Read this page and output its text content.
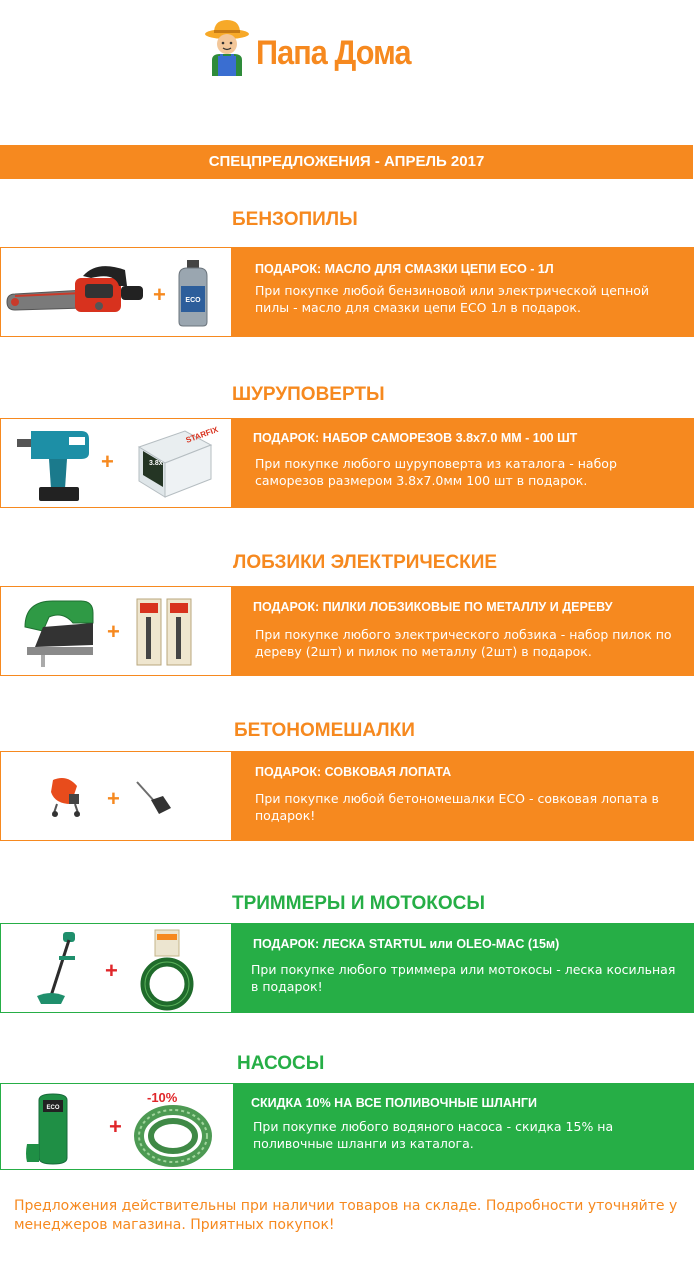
Папа Дома
СПЕЦПРЕДЛОЖЕНИЯ - АПРЕЛЬ 2017
БЕНЗОПИЛЫ
+	ECO
ПОДАРОК: МАСЛО ДЛЯ СМАЗКИ ЦЕПИ ECO - 1Л
При покупке любой бензиновой или электрической цепной пилы - масло для смазки цепи ECO 1л в подарок.
ШУРУПОВЕРТЫ
+
STARFIX
3.8х
ПОДАРОК: НАБОР САМОРЕЗОВ 3.8х7.0 ММ - 100 ШТ
При покупке любого шуруповерта из каталога - набор саморезов размером 3.8х7.0мм 100 шт в подарок.
ЛОБЗИКИ ЭЛЕКТРИЧЕСКИЕ
+
ПОДАРОК: ПИЛКИ ЛОБЗИКОВЫЕ ПО МЕТАЛЛУ И ДЕРЕВУ
При покупке любого электрического лобзика - набор пилок по дереву (2шт) и пилок по металлу (2шт) в подарок.
БЕТОНОМЕШАЛКИ
+
ПОДАРОК: СОВКОВАЯ ЛОПАТА
При покупке любой бетономешалки ECO - совковая лопата в подарок!
ТРИММЕРЫ И МОТОКОСЫ
+
ПОДАРОК: ЛЕСКА STARTUL или OLEO-MAC (15м)
При покупке любого триммера или мотокосы - леска косильная в подарок!
НАСОСЫ
ECO
+
-10%	СКИДКА 10% НА ВСЕ ПОЛИВОЧНЫЕ ШЛАНГИ
При покупке любого водяного насоса - скидка 15% на поливочные шланги из каталога.
Предложения действительны при наличии товаров на складе. Подробности уточняйте у менеджеров магазина. Приятных покупок!
